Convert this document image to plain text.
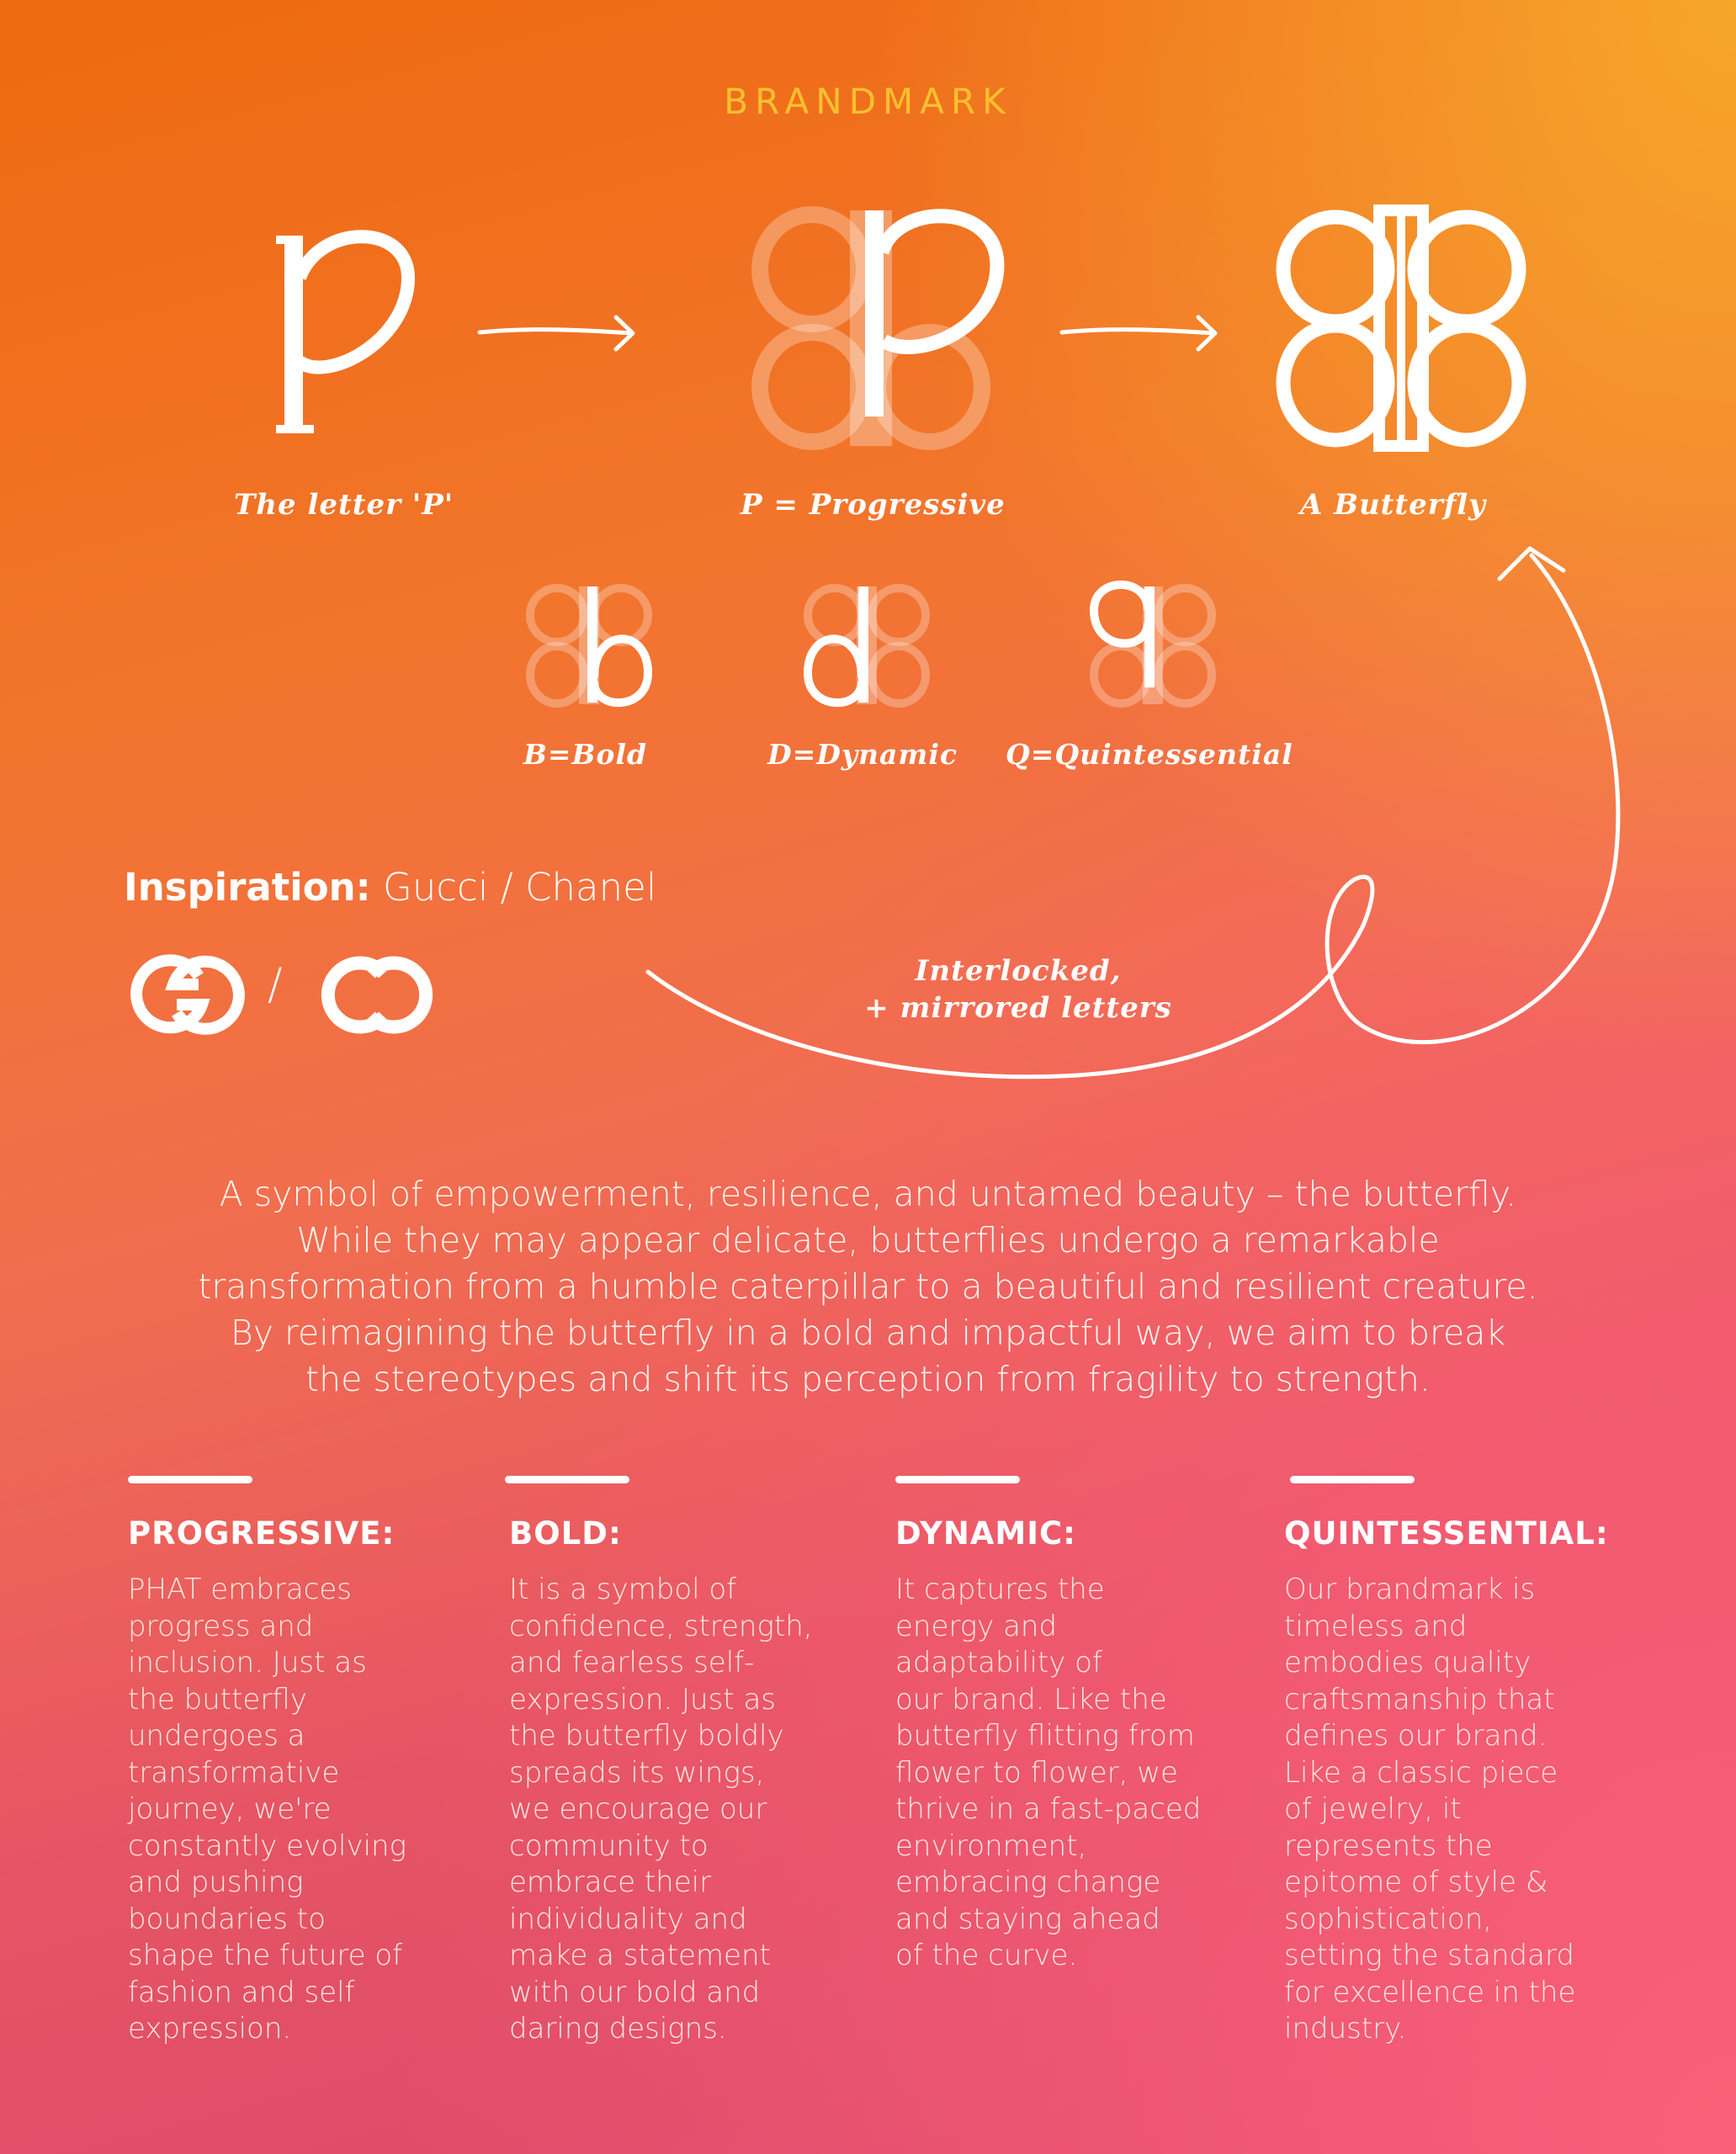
BRANDMARK
The letter 'P'	P = Progressive	A Butterfly
B=Bold	D=Dynamic Q=Quintessential
Inspiration: Gucci / Chanel
/	Interlocked,
+ mirrored letters
A symbol of empowerment, resilience, and untamed beauty – the butterfly.
While they may appear delicate, butterflies undergo a remarkable
transformation from a humble caterpillar to a beautiful and resilient creature.
By reimagining the butterfly in a bold and impactful way, we aim to break
the stereotypes and shift its perception from fragility to strength.
PROGRESSIVE:
PHAT embraces
progress and
inclusion. Just as
the butterfly
undergoes a
transformative
journey, we're
constantly evolving
and pushing
boundaries to
shape the future of
fashion and self
expression.
BOLD:
It is a symbol of
confidence, strength,
and fearless self-
expression. Just as
the butterfly boldly
spreads its wings,
we encourage our
community to
embrace their
individuality and
make a statement
with our bold and
daring designs.
DYNAMIC:
It captures the
energy and
adaptability of
our brand. Like the
butterfly flitting from
flower to flower, we
thrive in a fast-paced
environment,
embracing change
and staying ahead
of the curve.
QUINTESSENTIAL:
Our brandmark is
timeless and
embodies quality
craftsmanship that
defines our brand.
Like a classic piece
of jewelry, it
represents the
epitome of style &
sophistication,
setting the standard
for excellence in the
industry.
